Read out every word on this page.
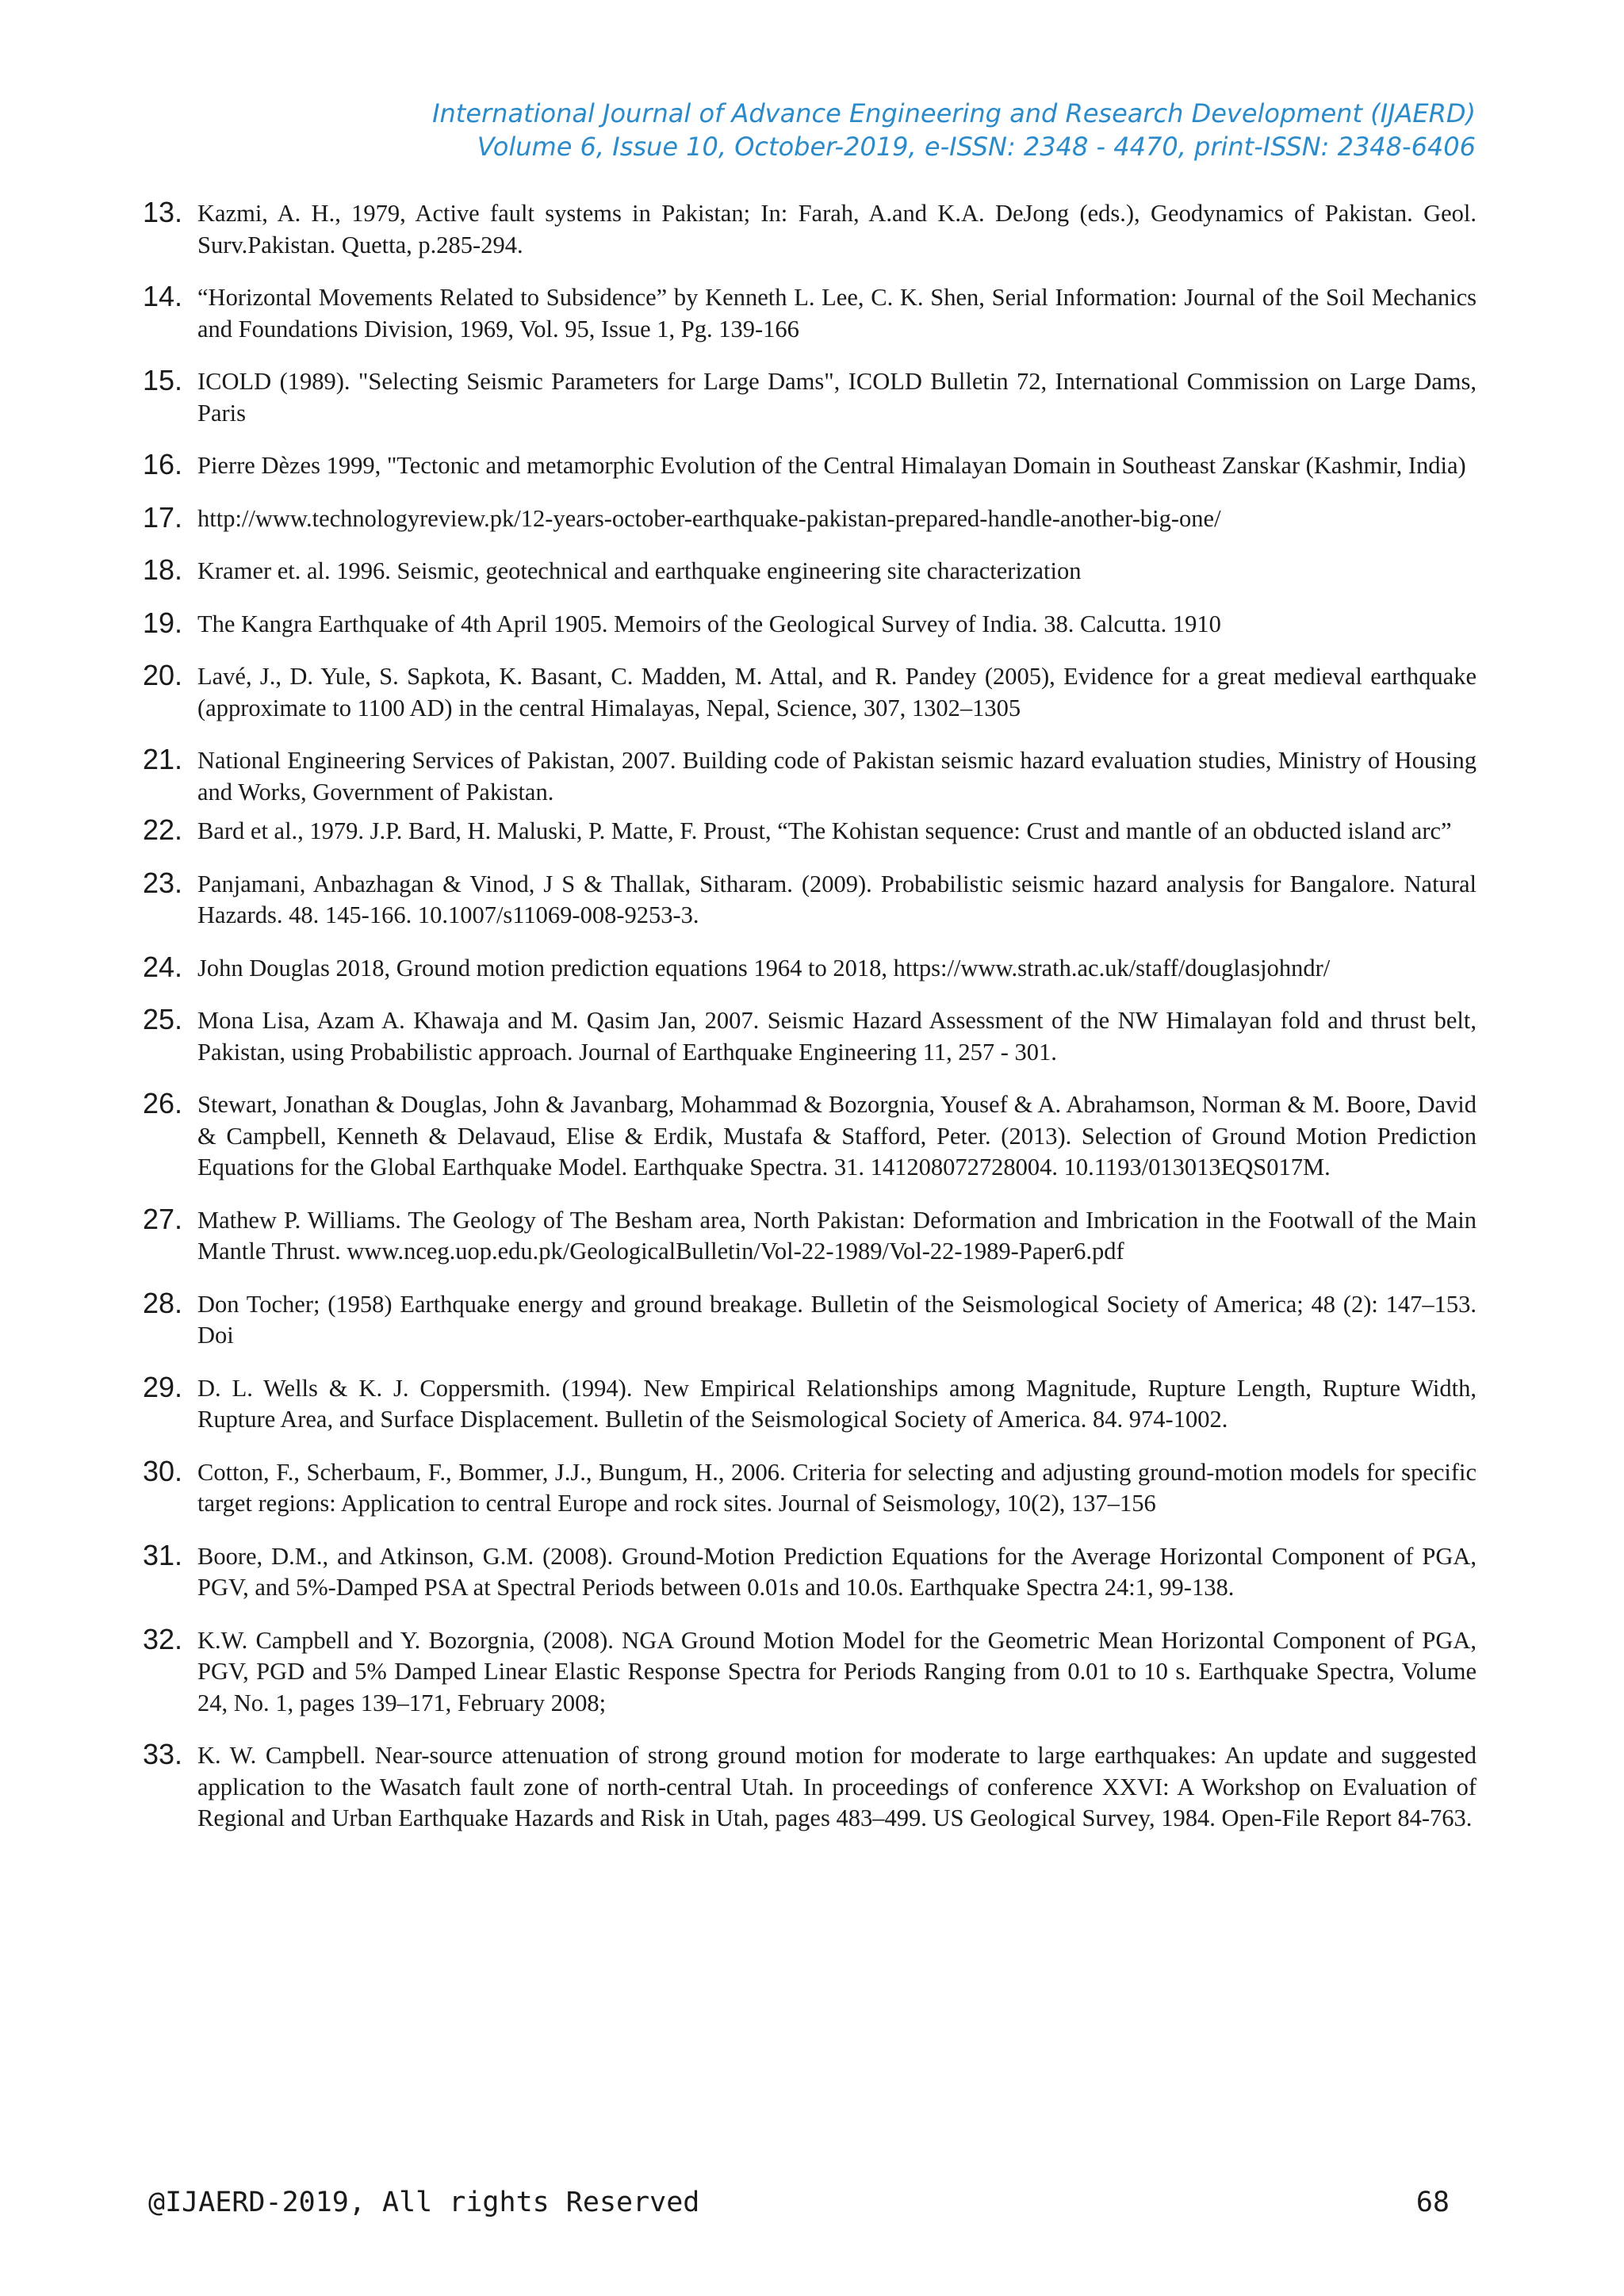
International Journal of Advance Engineering and Research Development (IJAERD)
Volume 6, Issue 10, October-2019, e-ISSN: 2348 - 4470, print-ISSN: 2348-6406
13. Kazmi, A. H., 1979, Active fault systems in Pakistan; In: Farah, A.and K.A. DeJong (eds.), Geodynamics of Pakistan. Geol. Surv.Pakistan. Quetta, p.285-294.
14. “Horizontal Movements Related to Subsidence” by Kenneth L. Lee, C. K. Shen, Serial Information: Journal of the Soil Mechanics and Foundations Division, 1969, Vol. 95, Issue 1, Pg. 139-166
15. ICOLD (1989). "Selecting Seismic Parameters for Large Dams", ICOLD Bulletin 72, International Commission on Large Dams, Paris
16. Pierre Dèzes 1999, "Tectonic and metamorphic Evolution of the Central Himalayan Domain in Southeast Zanskar (Kashmir, India)
17. http://www.technologyreview.pk/12-years-october-earthquake-pakistan-prepared-handle-another-big-one/
18. Kramer et. al. 1996. Seismic, geotechnical and earthquake engineering site characterization
19. The Kangra Earthquake of 4th April 1905. Memoirs of the Geological Survey of India. 38. Calcutta. 1910
20. Lavé, J., D. Yule, S. Sapkota, K. Basant, C. Madden, M. Attal, and R. Pandey (2005), Evidence for a great medieval earthquake (approximate to 1100 AD) in the central Himalayas, Nepal, Science, 307, 1302–1305
21. National Engineering Services of Pakistan, 2007. Building code of Pakistan seismic hazard evaluation studies, Ministry of Housing and Works, Government of Pakistan.
22. Bard et al., 1979. J.P. Bard, H. Maluski, P. Matte, F. Proust, “The Kohistan sequence: Crust and mantle of an obducted island arc”
23. Panjamani, Anbazhagan & Vinod, J S & Thallak, Sitharam. (2009). Probabilistic seismic hazard analysis for Bangalore. Natural Hazards. 48. 145-166. 10.1007/s11069-008-9253-3.
24. John Douglas 2018, Ground motion prediction equations 1964 to 2018, https://www.strath.ac.uk/staff/douglasjohndr/
25. Mona Lisa, Azam A. Khawaja and M. Qasim Jan, 2007. Seismic Hazard Assessment of the NW Himalayan fold and thrust belt, Pakistan, using Probabilistic approach. Journal of Earthquake Engineering 11, 257 - 301.
26. Stewart, Jonathan & Douglas, John & Javanbarg, Mohammad & Bozorgnia, Yousef & A. Abrahamson, Norman & M. Boore, David & Campbell, Kenneth & Delavaud, Elise & Erdik, Mustafa & Stafford, Peter. (2013). Selection of Ground Motion Prediction Equations for the Global Earthquake Model. Earthquake Spectra. 31. 141208072728004. 10.1193/013013EQS017M.
27. Mathew P. Williams. The Geology of The Besham area, North Pakistan: Deformation and Imbrication in the Footwall of the Main Mantle Thrust. www.nceg.uop.edu.pk/GeologicalBulletin/Vol-22-1989/Vol-22-1989-Paper6.pdf
28. Don Tocher; (1958) Earthquake energy and ground breakage. Bulletin of the Seismological Society of America; 48 (2): 147–153. Doi
29. D. L. Wells & K. J. Coppersmith. (1994). New Empirical Relationships among Magnitude, Rupture Length, Rupture Width, Rupture Area, and Surface Displacement. Bulletin of the Seismological Society of America. 84. 974-1002.
30. Cotton, F., Scherbaum, F., Bommer, J.J., Bungum, H., 2006. Criteria for selecting and adjusting ground-motion models for specific target regions: Application to central Europe and rock sites. Journal of Seismology, 10(2), 137–156
31. Boore, D.M., and Atkinson, G.M. (2008). Ground-Motion Prediction Equations for the Average Horizontal Component of PGA, PGV, and 5%-Damped PSA at Spectral Periods between 0.01s and 10.0s. Earthquake Spectra 24:1, 99-138.
32. K.W. Campbell and Y. Bozorgnia, (2008). NGA Ground Motion Model for the Geometric Mean Horizontal Component of PGA, PGV, PGD and 5% Damped Linear Elastic Response Spectra for Periods Ranging from 0.01 to 10 s. Earthquake Spectra, Volume 24, No. 1, pages 139–171, February 2008;
33. K. W. Campbell. Near-source attenuation of strong ground motion for moderate to large earthquakes: An update and suggested application to the Wasatch fault zone of north-central Utah. In proceedings of conference XXVI: A Workshop on Evaluation of Regional and Urban Earthquake Hazards and Risk in Utah, pages 483–499. US Geological Survey, 1984. Open-File Report 84-763.
@IJAERD-2019, All rights Reserved	68
